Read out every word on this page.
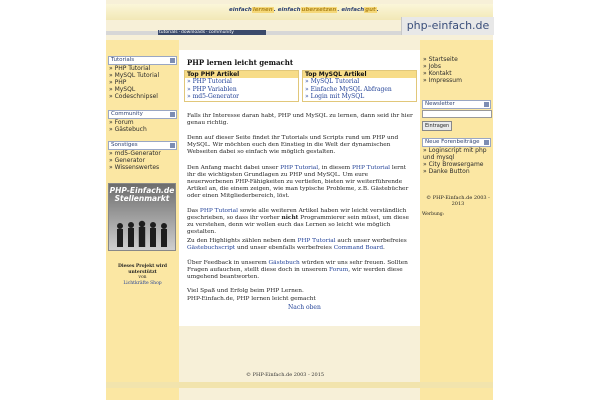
einfachlernen. einfachubersetzen. einfachgut.
tutorials·downloads·community
php-einfach.de
Tutorials
» PHP Tutorial
» MySQL Tutorial
» PHP
» MySQL
» Codeschnipsel
Community
» Forum
» Gästebuch
Sonstiges
» md5-Generator
» Generator
» Wissenswertes
PHP-Einfach.de
Stellenmarkt
Dieses Projekt wird unterstützt
von
Lichtkräfte Shop
PHP lernen leicht gemacht
Top PHP Artikel
» PHP Tutorial
» PHP Variablen
» md5-Generator
Top MySQL Artikel
» MySQL Tutorial
» Einfache MySQL Abfragen
» Login mit MySQL
Falls ihr Interesse daran habt, PHP und MySQL zu lernen, dann seid ihr hier genau richtig.
Denn auf dieser Seite findet ihr Tutorials und Scripts rund um PHP und MySQL. Wir möchten euch den Einstieg in die Welt der dynamischen Webseiten dabei so einfach wie möglich gestalten.
Den Anfang macht dabei unser PHP Tutorial, in diesem PHP Tutorial lernt ihr die wichtigsten Grundlagen zu PHP und MySQL. Um eure neuerworbenen PHP-Fähigkeiten zu vertiefen, bieten wir weiterführende Artikel an, die einem zeigen, wie man typische Probleme, z.B. Gästebücher oder einen Mitgliederbereich, löst.
Das PHP Tutorial sowie alle weiteren Artikel haben wir leicht verständlich geschrieben, so dass ihr vorher nicht Programmierer sein müsst, um diese zu verstehen, denn wir wollen euch das Lernen so leicht wie möglich gestalten.
Zu den Highlights zählen neben dem PHP Tutorial auch unser werbefreies Gästebuchscript und unser ebenfalls werbefreies Command Board.
Über Feedback in unserem Gästebuch würden wir uns sehr freuen. Sollten Fragen aufauchen, stellt diese doch in unserem Forum, wir werden diese umgehend beantworten.
Viel Spaß und Erfolg beim PHP Lernen.
PHP-Einfach.de, PHP lernen leicht gemacht
Nach oben
» Startseite
» Jobs
» Kontakt
» Impressum
Newsletter
Eintragen
Neue Forenbeiträge
» Loginscript mit php und mysql
» City Browsergame
» Danke Button
© PHP-Einfach.de 2003 - 2013
Werbung:
© PHP-Einfach.de 2003 - 2015
